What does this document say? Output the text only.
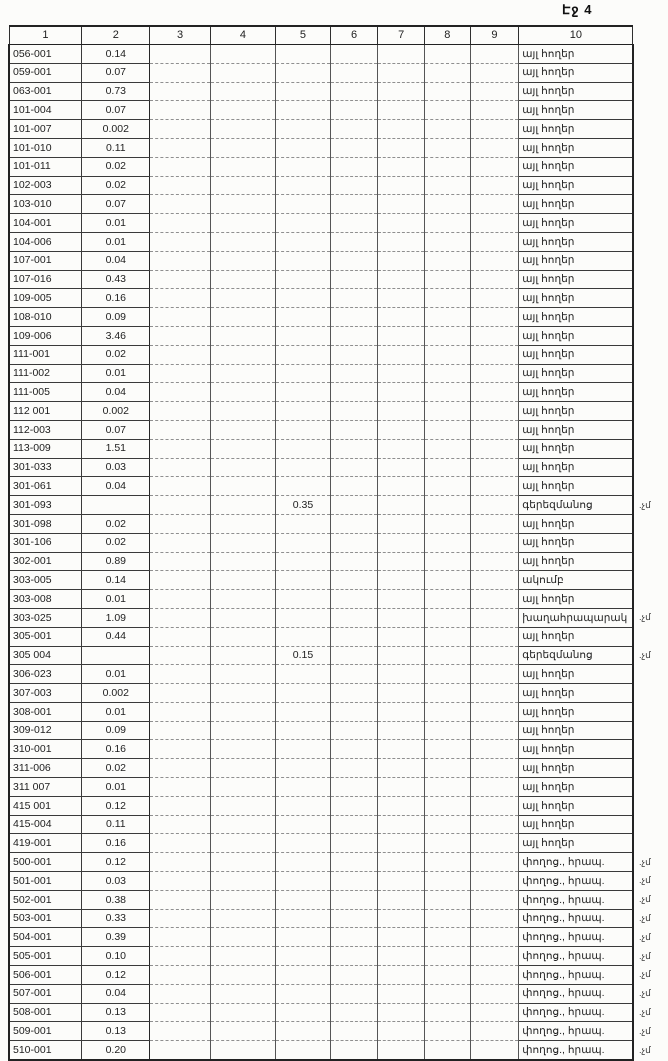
Էջ 4
1	2	3	4	5	6	7	8	9	10	
056-001	0.14								այլ հողեր	
059-001	0.07								այլ հողեր	
063-001	0.73								այլ հողեր	
101-004	0.07								այլ հողեր	
101-007	0.002								այլ հողեր	
101-010	0.11								այլ հողեր	
101-011	0.02								այլ հողեր	
102-003	0.02								այլ հողեր	
103-010	0.07								այլ հողեր	
104-001	0.01								այլ հողեր	
104-006	0.01								այլ հողեր	
107-001	0.04								այլ հողեր	
107-016	0.43								այլ հողեր	
109-005	0.16								այլ հողեր	
108-010	0.09								այլ հողեր	
109-006	3.46								այլ հողեր	
111-001	0.02								այլ հողեր	
111-002	0.01								այլ հողեր	
111-005	0.04								այլ հողեր	
112 001	0.002								այլ հողեր	
112-003	0.07								այլ հողեր	
113-009	1.51								այլ հողեր	
301-033	0.03								այլ հողեր	
301-061	0.04								այլ հողեր	
301-093				0.35					գերեզմանոց	.չմ
301-098	0.02								այլ հողեր	
301-106	0.02								այլ հողեր	
302-001	0.89								այլ հողեր	
303-005	0.14								ակումբ	
303-008	0.01								այլ հողեր	
303-025	1.09								խաղահրապարակ	.չմ
305-001	0.44								այլ հողեր	
305 004				0.15					գերեզմանոց	.չմ
306-023	0.01								այլ հողեր	
307-003	0.002								այլ հողեր	
308-001	0.01								այլ հողեր	
309-012	0.09								այլ հողեր	
310-001	0.16								այլ հողեր	
311-006	0.02								այլ հողեր	
311 007	0.01								այլ հողեր	
415 001	0.12								այլ հողեր	
415-004	0.11								այլ հողեր	
419-001	0.16								այլ հողեր	
500-001	0.12								փողոց., հրապ.	.չմ
501-001	0.03								փողոց., հրապ.	.չմ
502-001	0.38								փողոց., հրապ.	.չմ
503-001	0.33								փողոց., հրապ.	.չմ
504-001	0.39								փողոց., հրապ.	.չմ
505-001	0.10								փողոց., հրապ.	.չմ
506-001	0.12								փողոց., հրապ.	.չմ
507-001	0.04								փողոց., հրապ.	.չմ
508-001	0.13								փողոց., հրապ.	.չմ
509-001	0.13								փողոց., հրապ.	.չմ
510-001	0.20								փողոց., հրապ.	.չմ
